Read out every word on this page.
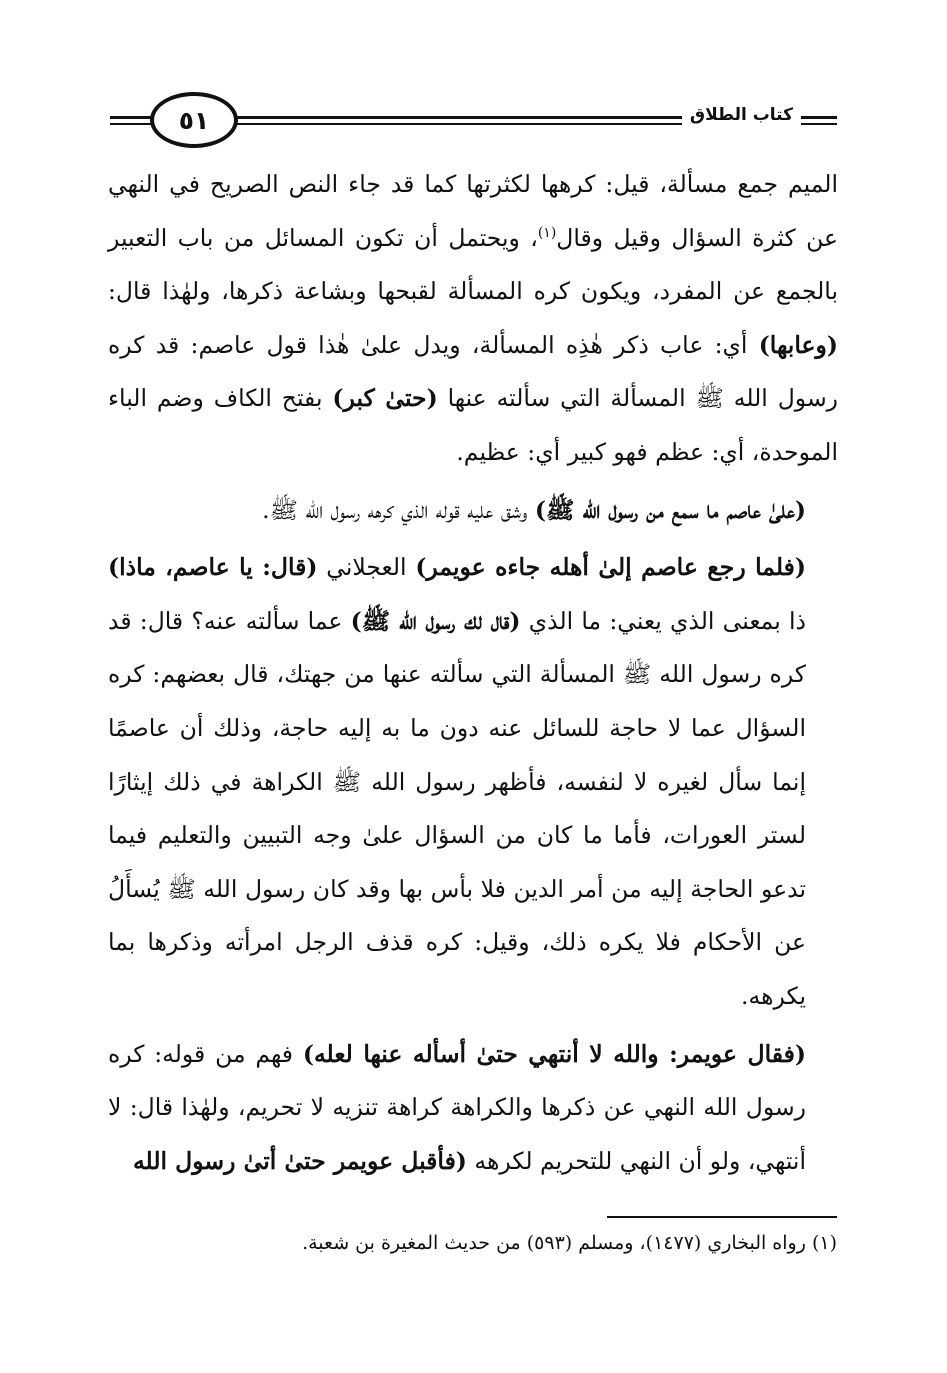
٥١	كتاب الطلاق

الميم جمع مسألة، قيل: كرهها لكثرتها كما قد جاء النص الصريح في النهي عن كثرة السؤال وقيل وقال$^{(١)}$، ويحتمل أن تكون المسائل من باب التعبير بالجمع عن المفرد، ويكون كره المسألة لقبحها وبشاعة ذكرها، ولهٰذا قال: (وعابها) أي: عاب ذكر هٰذِه المسألة، ويدل علىٰ هٰذا قول عاصم: قد كره رسول الله ﷺ المسألة التي سألته عنها (حتىٰ كبر) بفتح الكاف وضم الباء الموحدة، أي: عظم فهو كبير أي: عظيم.

(علىٰ عاصم ما سمع من رسول الله ﷺ) وشق عليه قوله الذي كرهه رسول الله ﷺ.

(فلما رجع عاصم إلىٰ أهله جاءه عويمر) العجلاني (قال: يا عاصم، ماذا) ذا بمعنى الذي يعني: ما الذي (قال لك رسول الله ﷺ) عما سألته عنه؟ قال: قد كره رسول الله ﷺ المسألة التي سألته عنها من جهتك، قال بعضهم: كره السؤال عما لا حاجة للسائل عنه دون ما به إليه حاجة، وذلك أن عاصمًا إنما سأل لغيره لا لنفسه، فأظهر رسول الله ﷺ الكراهة في ذلك إيثارًا لستر العورات، فأما ما كان من السؤال علىٰ وجه التبيين والتعليم فيما تدعو الحاجة إليه من أمر الدين فلا بأس بها وقد كان رسول الله ﷺ يُسأَلُ عن الأحكام فلا يكره ذلك، وقيل: كره قذف الرجل امرأته وذكرها بما يكرهه.

(فقال عويمر: والله لا أنتهي حتىٰ أسأله عنها لعله) فهم من قوله: كره رسول الله النهي عن ذكرها والكراهة كراهة تنزيه لا تحريم، ولهٰذا قال: لا أنتهي، ولو أن النهي للتحريم لكرهه (فأقبل عويمر حتىٰ أتىٰ رسول الله

(١) رواه البخاري (١٤٧٧)، ومسلم (٥٩٣) من حديث المغيرة بن شعبة.
